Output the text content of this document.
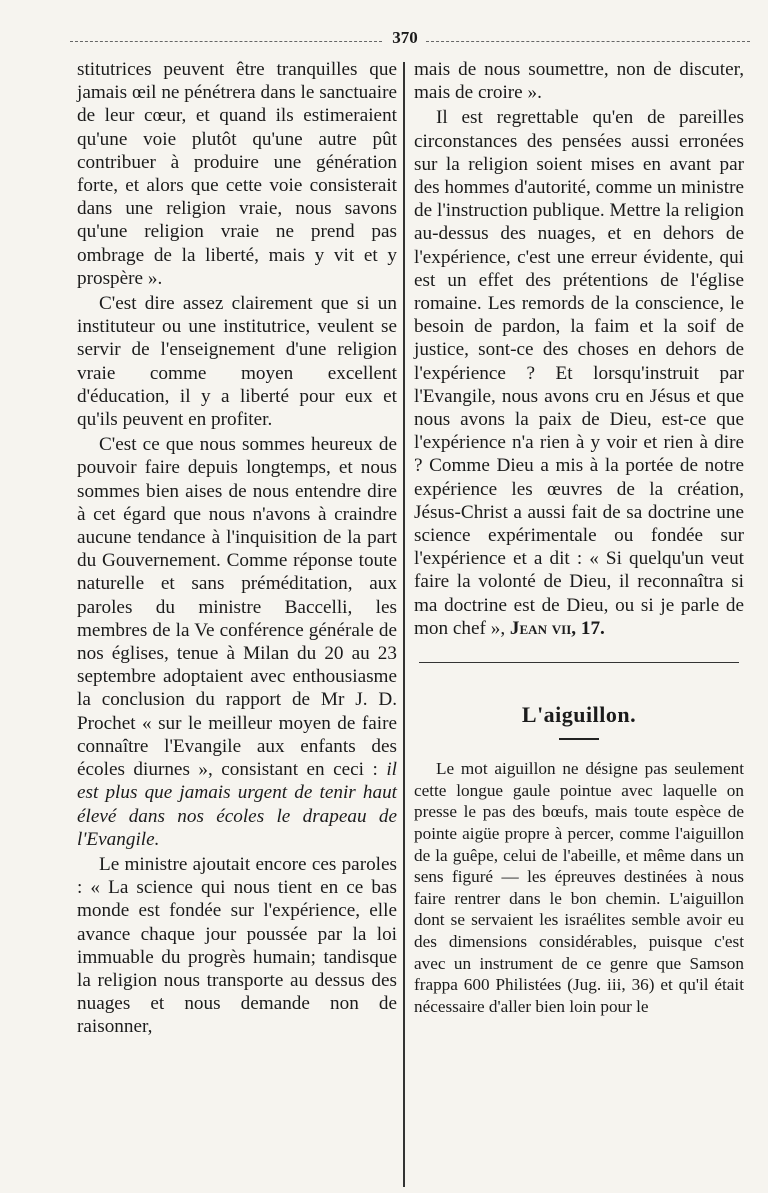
370

stitutrices peuvent être tranquilles que jamais œil ne pénétrera dans le sanctuaire de leur cœur, et quand ils estimeraient qu'une voie plutôt qu'une autre pût contribuer à produire une génération forte, et alors que cette voie consisterait dans une religion vraie, nous savons qu'une religion vraie ne prend pas ombrage de la liberté, mais y vit et y prospère ».

C'est dire assez clairement que si un instituteur ou une institutrice, veulent se servir de l'enseignement d'une religion vraie comme moyen excellent d'éducation, il y a liberté pour eux et qu'ils peuvent en profiter.

C'est ce que nous sommes heureux de pouvoir faire depuis longtemps, et nous sommes bien aises de nous entendre dire à cet égard que nous n'avons à craindre aucune tendance à l'inquisition de la part du Gouvernement. Comme réponse toute naturelle et sans préméditation, aux paroles du ministre Baccelli, les membres de la Ve conférence générale de nos églises, tenue à Milan du 20 au 23 septembre adoptaient avec enthousiasme la conclusion du rapport de Mr J. D. Prochet « sur le meilleur moyen de faire connaître l'Evangile aux enfants des écoles diurnes », consistant en ceci : il est plus que jamais urgent de tenir haut élevé dans nos écoles le drapeau de l'Evangile.

Le ministre ajoutait encore ces paroles : « La science qui nous tient en ce bas monde est fondée sur l'expérience, elle avance chaque jour poussée par la loi immuable du progrès humain; tandisque la religion nous transporte au dessus des nuages et nous demande non de raisonner,

mais de nous soumettre, non de discuter, mais de croire ».

Il est regrettable qu'en de pareilles circonstances des pensées aussi erronées sur la religion soient mises en avant par des hommes d'autorité, comme un ministre de l'instruction publique. Mettre la religion au-dessus des nuages, et en dehors de l'expérience, c'est une erreur évidente, qui est un effet des prétentions de l'église romaine. Les remords de la conscience, le besoin de pardon, la faim et la soif de justice, sont-ce des choses en dehors de l'expérience ? Et lorsqu'instruit par l'Evangile, nous avons cru en Jésus et que nous avons la paix de Dieu, est-ce que l'expérience n'a rien à y voir et rien à dire ? Comme Dieu a mis à la portée de notre expérience les œuvres de la création, Jésus-Christ a aussi fait de sa doctrine une science expérimentale ou fondée sur l'expérience et a dit : « Si quelqu'un veut faire la volonté de Dieu, il reconnaîtra si ma doctrine est de Dieu, ou si je parle de mon chef », Jean vii, 17.

L'aiguillon.

Le mot aiguillon ne désigne pas seulement cette longue gaule pointue avec laquelle on presse le pas des bœufs, mais toute espèce de pointe aigüe propre à percer, comme l'aiguillon de la guêpe, celui de l'abeille, et même dans un sens figuré — les épreuves destinées à nous faire rentrer dans le bon chemin. L'aiguillon dont se servaient les israélites semble avoir eu des dimensions considérables, puisque c'est avec un instrument de ce genre que Samson frappa 600 Philistées (Jug. iii, 36) et qu'il était nécessaire d'aller bien loin pour le
